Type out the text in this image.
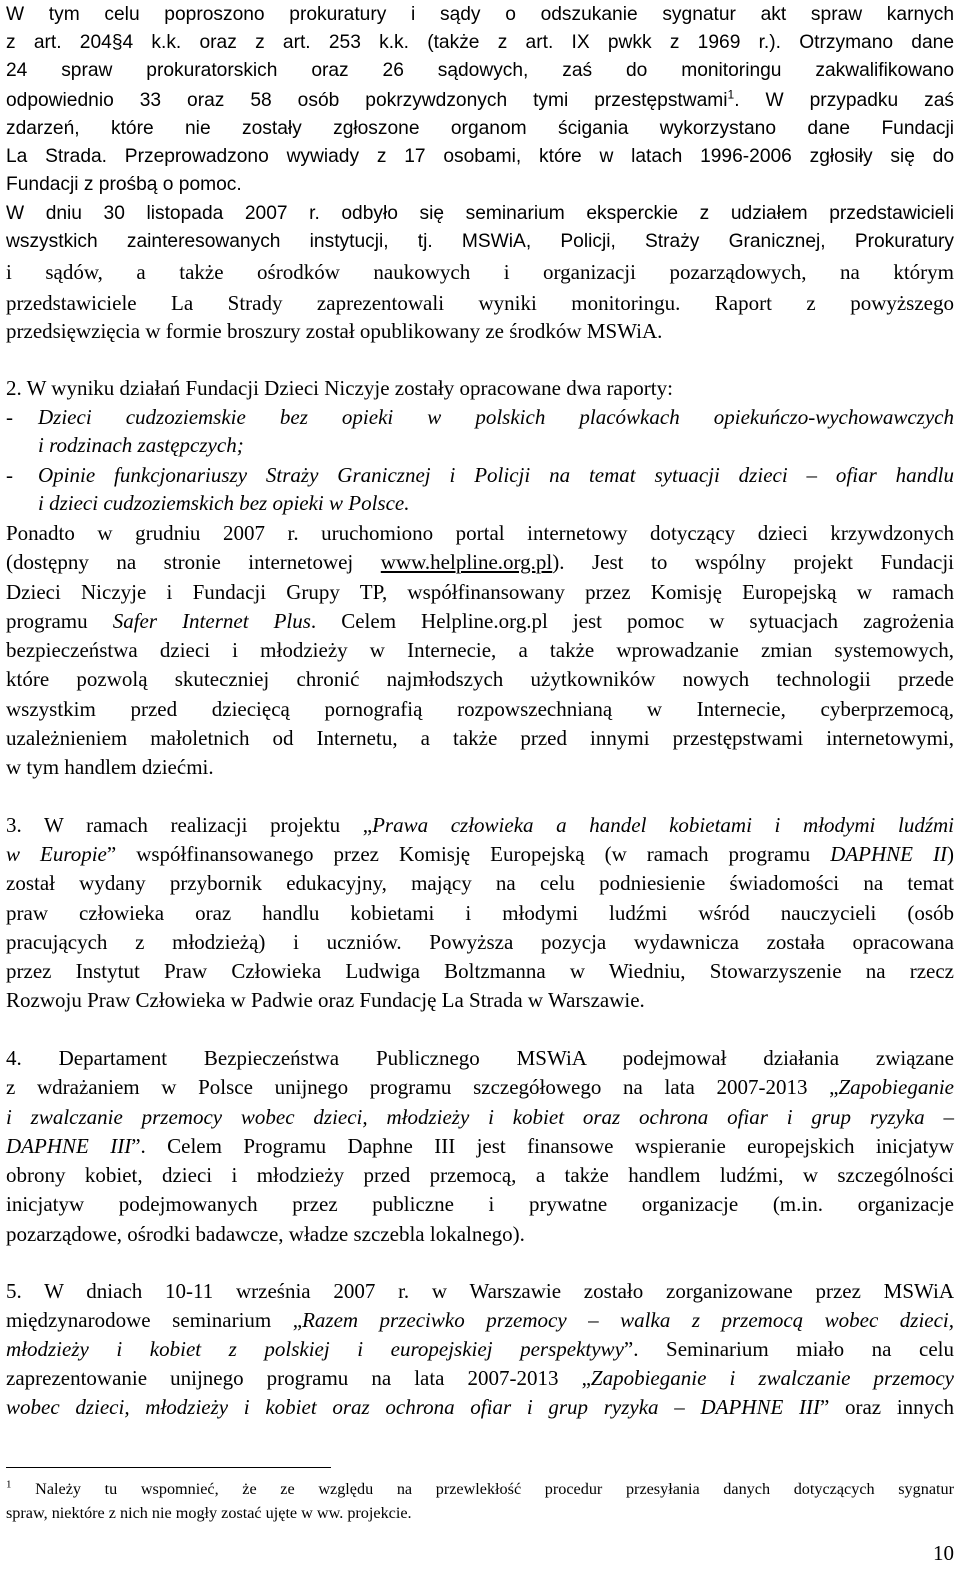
W tym celu poproszono prokuratury i sądy o odszukanie sygnatur akt spraw karnych
z art. 204§4 k.k. oraz z art. 253 k.k. (także z art. IX pwkk z 1969 r.). Otrzymano dane
24 spraw prokuratorskich oraz 26 sądowych, zaś do monitoringu zakwalifikowano
odpowiednio 33 oraz 58 osób pokrzywdzonych tymi przestępstwami$^1$. W przypadku zaś
zdarzeń, które nie zostały zgłoszone organom ścigania wykorzystano dane Fundacji
La Strada. Przeprowadzono wywiady z 17 osobami, które w latach 1996-2006 zgłosiły się do
Fundacji z prośbą o pomoc.
W dniu 30 listopada 2007 r. odbyło się seminarium eksperckie z udziałem przedstawicieli
wszystkich zainteresowanych instytucji, tj. MSWiA, Policji, Straży Granicznej, Prokuratury
i sądów, a także ośrodków naukowych i organizacji pozarządowych, na którym
przedstawiciele La Strady zaprezentowali wyniki monitoringu. Raport z powyższego
przedsięwzięcia w formie broszury został opublikowany ze środków MSWiA.
2. W wyniku działań Fundacji Dzieci Niczyje zostały opracowane dwa raporty:
-	Dzieci cudzoziemskie bez opieki w polskich placówkach opiekuńczo-wychowawczych
i rodzinach zastępczych;
-	Opinie funkcjonariuszy Straży Granicznej i Policji na temat sytuacji dzieci – ofiar handlu
i dzieci cudzoziemskich bez opieki w Polsce.
Ponadto w grudniu 2007 r. uruchomiono portal internetowy dotyczący dzieci krzywdzonych
(dostępny na stronie internetowej www.helpline.org.pl). Jest to wspólny projekt Fundacji
Dzieci Niczyje i Fundacji Grupy TP, współfinansowany przez Komisję Europejską w ramach
programu Safer Internet Plus. Celem Helpline.org.pl jest pomoc w sytuacjach zagrożenia
bezpieczeństwa dzieci i młodzieży w Internecie, a także wprowadzanie zmian systemowych,
które pozwolą skuteczniej chronić najmłodszych użytkowników nowych technologii przede
wszystkim przed dziecięcą pornografią rozpowszechnianą w Internecie, cyberprzemocą,
uzależnieniem małoletnich od Internetu, a także przed innymi przestępstwami internetowymi,
w tym handlem dziećmi.
3. W ramach realizacji projektu „Prawa człowieka a handel kobietami i młodymi ludźmi
w Europie” współfinansowanego przez Komisję Europejską (w ramach programu DAPHNE II)
został wydany przybornik edukacyjny, mający na celu podniesienie świadomości na temat
praw człowieka oraz handlu kobietami i młodymi ludźmi wśród nauczycieli (osób
pracujących z młodzieżą) i uczniów. Powyższa pozycja wydawnicza została opracowana
przez Instytut Praw Człowieka Ludwiga Boltzmanna w Wiedniu, Stowarzyszenie na rzecz
Rozwoju Praw Człowieka w Padwie oraz Fundację La Strada w Warszawie.
4. Departament Bezpieczeństwa Publicznego MSWiA podejmował działania związane
z wdrażaniem w Polsce unijnego programu szczegółowego na lata 2007-2013 „Zapobieganie
i zwalczanie przemocy wobec dzieci, młodzieży i kobiet oraz ochrona ofiar i grup ryzyka –
DAPHNE III”. Celem Programu Daphne III jest finansowe wspieranie europejskich inicjatyw
obrony kobiet, dzieci i młodzieży przed przemocą, a także handlem ludźmi, w szczególności
inicjatyw podejmowanych przez publiczne i prywatne organizacje (m.in. organizacje
pozarządowe, ośrodki badawcze, władze szczebla lokalnego).
5. W dniach 10-11 września 2007 r. w Warszawie zostało zorganizowane przez MSWiA
międzynarodowe seminarium „Razem przeciwko przemocy – walka z przemocą wobec dzieci,
młodzieży i kobiet z polskiej i europejskiej perspektywy”. Seminarium miało na celu
zaprezentowanie unijnego programu na lata 2007-2013 „Zapobieganie i zwalczanie przemocy
wobec dzieci, młodzieży i kobiet oraz ochrona ofiar i grup ryzyka – DAPHNE III” oraz innych
$^1$ Należy tu wspomnieć, że ze względu na przewlekłość procedur przesyłania danych dotyczących sygnatur
spraw, niektóre z nich nie mogły zostać ujęte w ww. projekcie.
10
